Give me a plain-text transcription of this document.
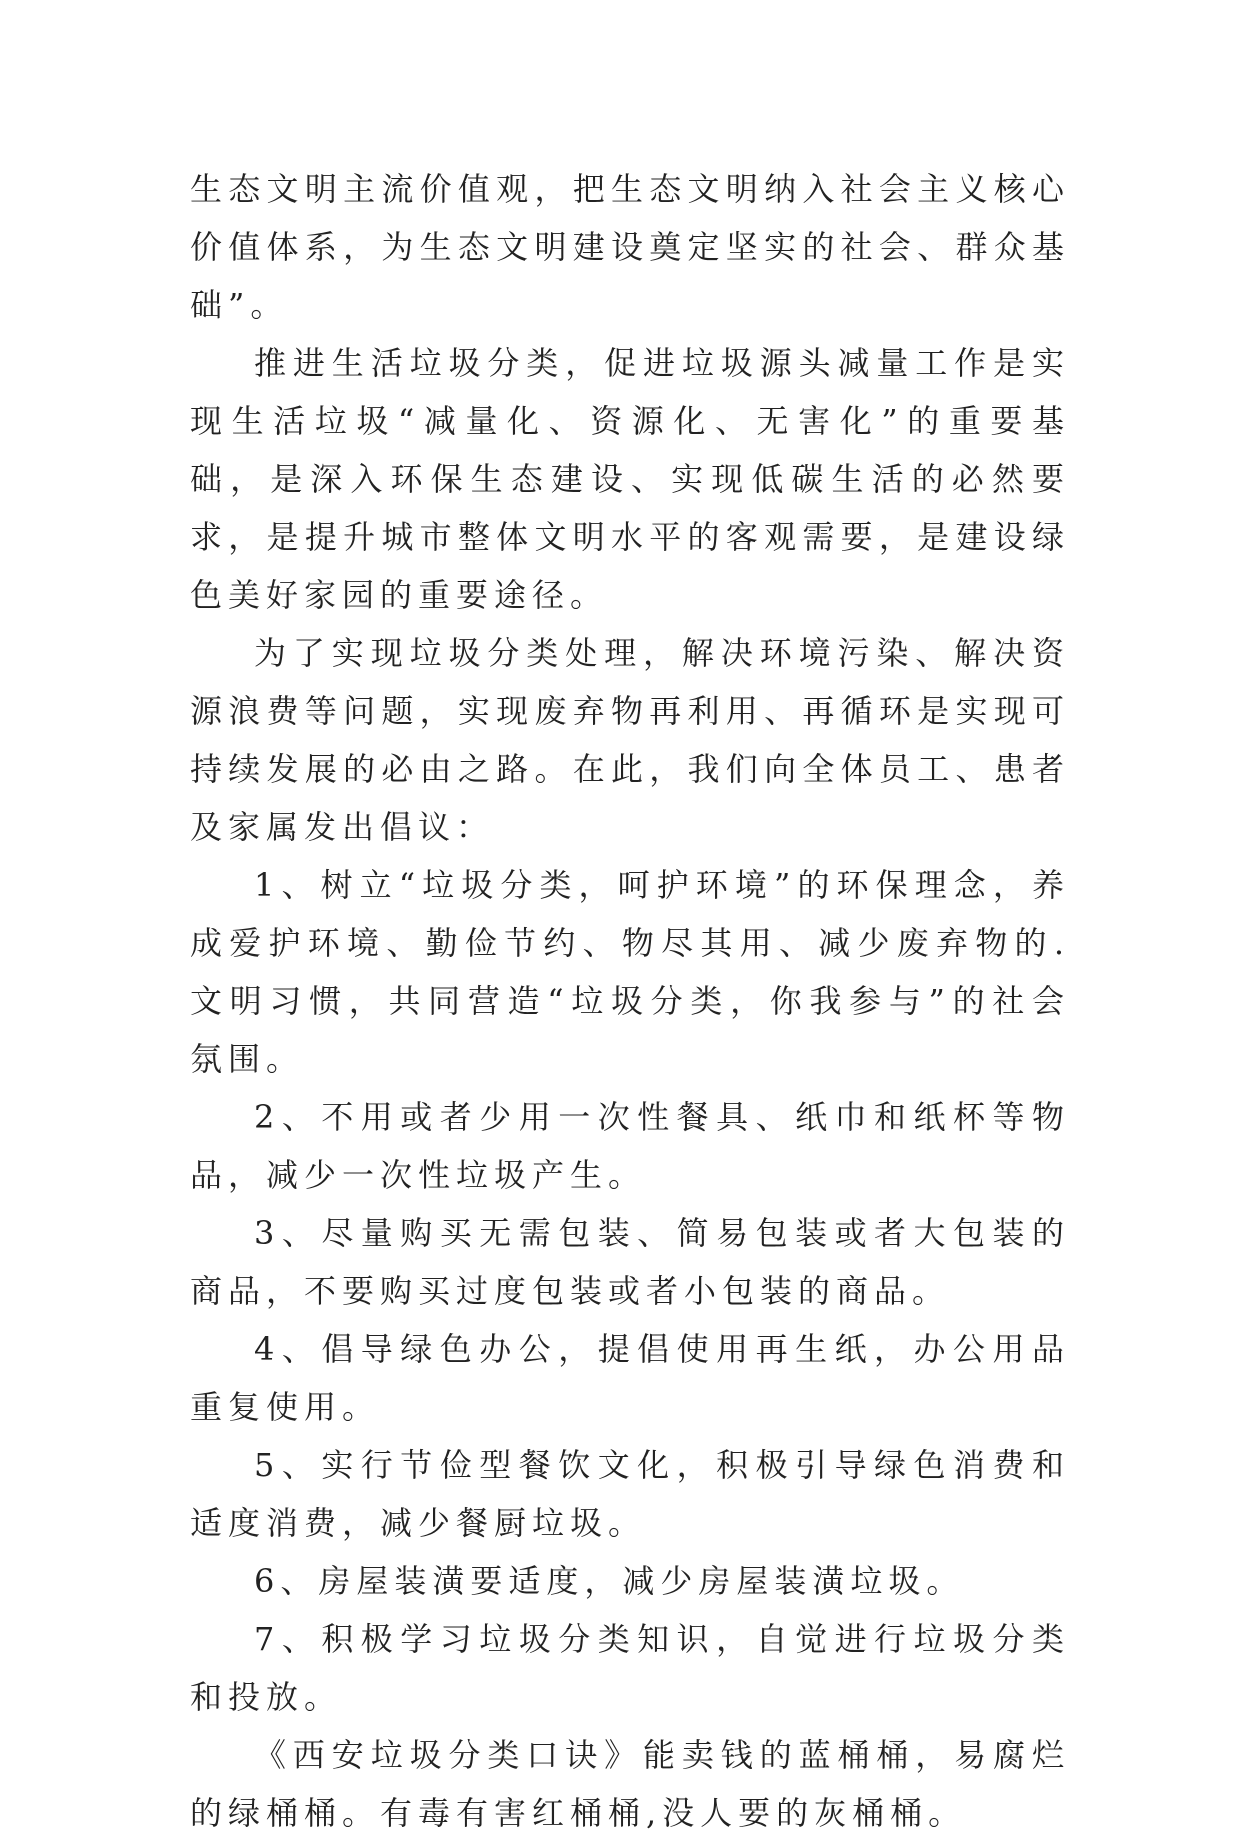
生态文明主流价值观，把生态文明纳入社会主义核心价值体系，为生态文明建设奠定坚实的社会、群众基础”。

推进生活垃圾分类，促进垃圾源头减量工作是实现生活垃圾“减量化、资源化、无害化”的重要基础，是深入环保生态建设、实现低碳生活的必然要求，是提升城市整体文明水平的客观需要，是建设绿色美好家园的重要途径。

为了实现垃圾分类处理，解决环境污染、解决资源浪费等问题，实现废弃物再利用、再循环是实现可持续发展的必由之路。在此，我们向全体员工、患者及家属发出倡议：

1、树立“垃圾分类，呵护环境”的环保理念，养成爱护环境、勤俭节约、物尽其用、减少废弃物的.文明习惯，共同营造“垃圾分类，你我参与”的社会氛围。

2、不用或者少用一次性餐具、纸巾和纸杯等物品，减少一次性垃圾产生。

3、尽量购买无需包装、简易包装或者大包装的商品，不要购买过度包装或者小包装的商品。

4、倡导绿色办公，提倡使用再生纸，办公用品重复使用。

5、实行节俭型餐饮文化，积极引导绿色消费和适度消费，减少餐厨垃圾。

6、房屋装潢要适度，减少房屋装潢垃圾。

7、积极学习垃圾分类知识，自觉进行垃圾分类和投放。

《西安垃圾分类口诀》能卖钱的蓝桶桶，易腐烂的绿桶桶。有毒有害红桶桶,没人要的灰桶桶。
